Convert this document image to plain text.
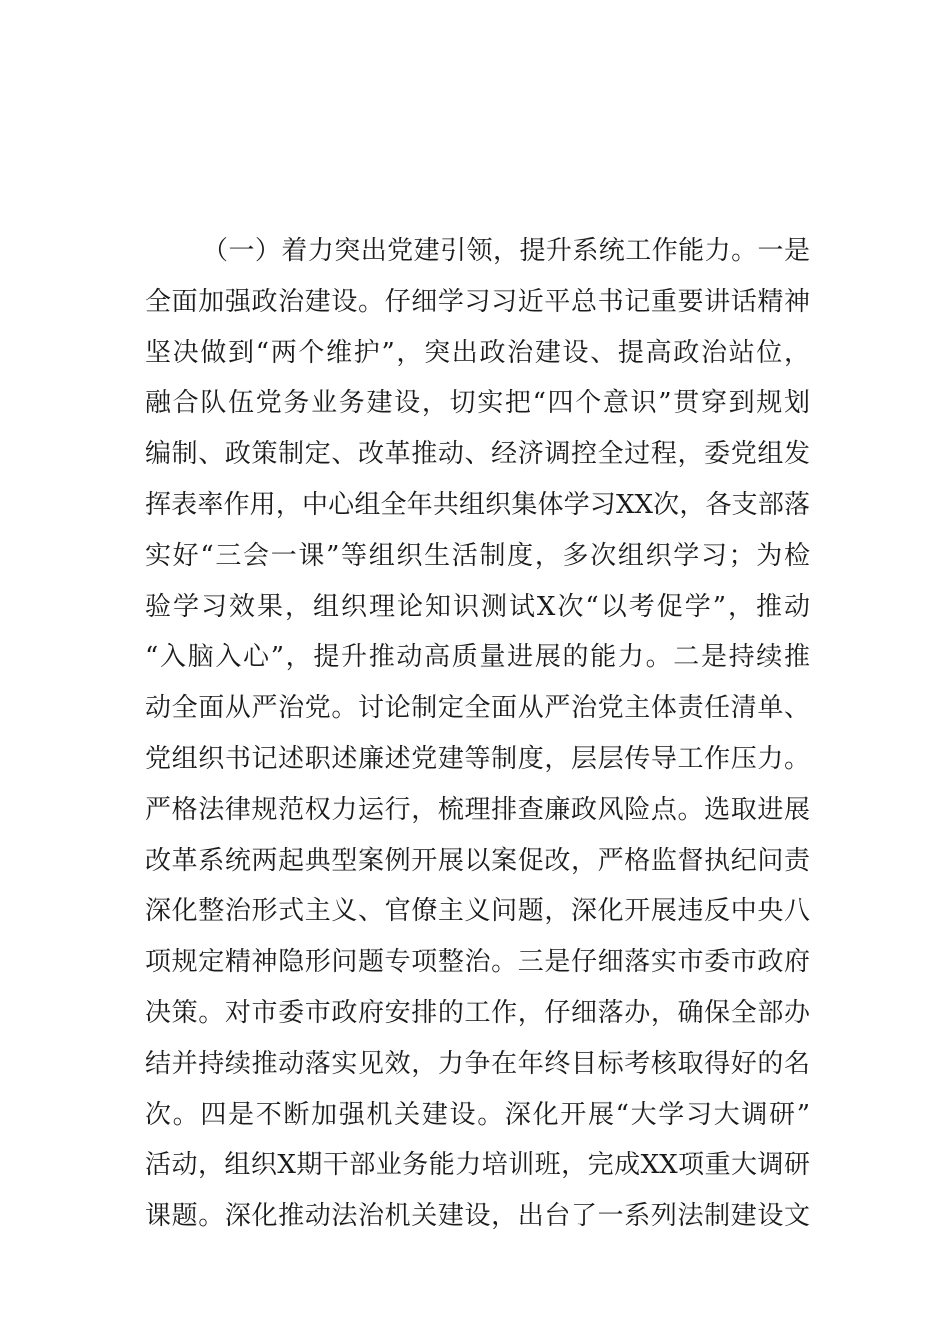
（一）着力突出党建引领，提升系统工作能力。一是
全面加强政治建设。仔细学习习近平总书记重要讲话精神
坚决做到“两个维护”，突出政治建设、提高政治站位，
融合队伍党务业务建设，切实把“四个意识”贯穿到规划
编制、政策制定、改革推动、经济调控全过程，委党组发
挥表率作用，中心组全年共组织集体学习XX次，各支部落
实好“三会一课”等组织生活制度，多次组织学习；为检
验学习效果，组织理论知识测试X次“以考促学”，推动
“入脑入心”，提升推动高质量进展的能力。二是持续推
动全面从严治党。讨论制定全面从严治党主体责任清单、
党组织书记述职述廉述党建等制度，层层传导工作压力。
严格法律规范权力运行，梳理排查廉政风险点。选取进展
改革系统两起典型案例开展以案促改，严格监督执纪问责
深化整治形式主义、官僚主义问题，深化开展违反中央八
项规定精神隐形问题专项整治。三是仔细落实市委市政府
决策。对市委市政府安排的工作，仔细落办，确保全部办
结并持续推动落实见效，力争在年终目标考核取得好的名
次。四是不断加强机关建设。深化开展“大学习大调研”
活动，组织X期干部业务能力培训班，完成XX项重大调研
课题。深化推动法治机关建设，出台了一系列法制建设文
